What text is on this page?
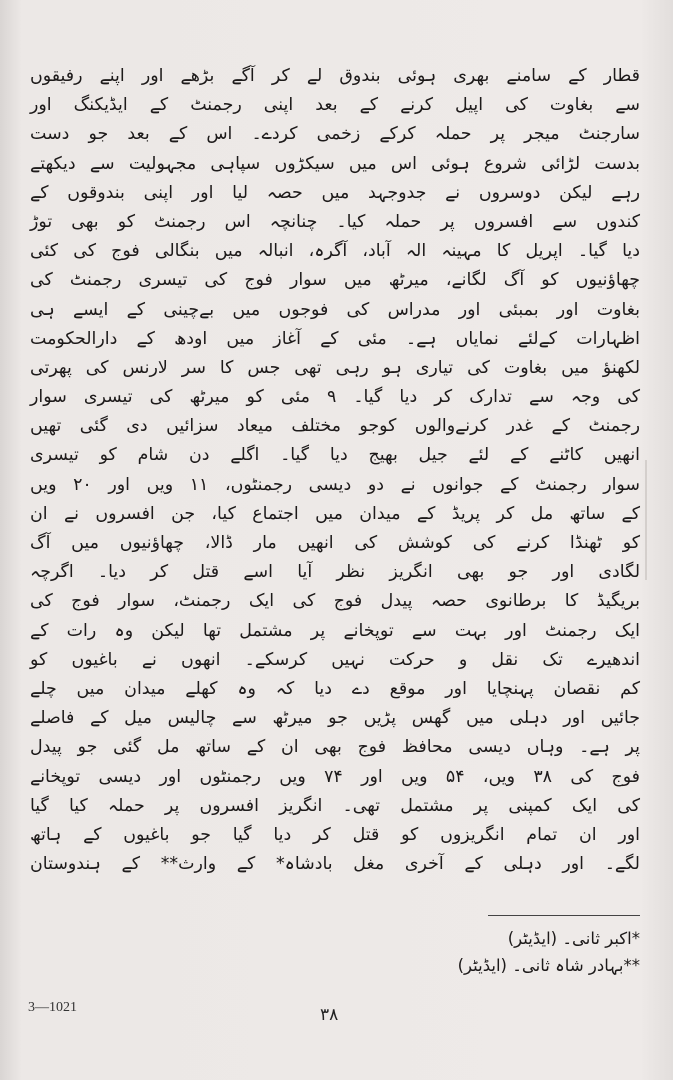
قطار کے سامنے بھری ہوئی بندوق لے کر آگے بڑھے اور اپنے رفیقوں
سے بغاوت کی اپیل کرنے کے بعد اپنی رجمنٹ کے ایڈیکنگ اور
سارجنٹ میجر پر حملہ کرکے زخمی کردے۔ اس کے بعد جو دست
بدست لڑائی شروع ہوئی اس میں سیکڑوں سپاہی مجہولیت سے دیکھتے
رہے لیکن دوسروں نے جدوجہد میں حصہ لیا اور اپنی بندوقوں کے
کندوں سے افسروں پر حملہ کیا۔ چنانچہ اس رجمنٹ کو بھی توڑ
دیا گیا۔ اپریل کا مہینہ الہ آباد، آگرہ، انبالہ میں بنگالی فوج کی کئی
چھاؤنیوں کو آگ لگانے، میرٹھ میں سوار فوج کی تیسری رجمنٹ کی
بغاوت اور بمبئی اور مدراس کی فوجوں میں بےچینی کے ایسے ہی
اظہارات کےلئے نمایاں ہے۔ مئی کے آغاز میں اودھ کے دارالحکومت
لکھنؤ میں بغاوت کی تیاری ہو رہی تھی جس کا سر لارنس کی پھرتی
کی وجہ سے تدارک کر دیا گیا۔ ۹ مئی کو میرٹھ کی تیسری سوار
رجمنٹ کے غدر کرنےوالوں کوجو مختلف میعاد سزائیں دی گئی تھیں
انھیں کاٹنے کے لئے جیل بھیج دیا گیا۔ اگلے دن شام کو تیسری
سوار رجمنٹ کے جوانوں نے دو دیسی رجمنٹوں، ۱۱ ویں اور ۲۰ ویں
کے ساتھ مل کر پریڈ کے میدان میں اجتماع کیا، جن افسروں نے ان
کو ٹھنڈا کرنے کی کوشش کی انھیں مار ڈالا، چھاؤنیوں میں آگ
لگادی اور جو بھی انگریز نظر آیا اسے قتل کر دیا۔ اگرچہ
بریگیڈ کا برطانوی حصہ پیدل فوج کی ایک رجمنٹ، سوار فوج کی
ایک رجمنٹ اور بہت سے توپخانے پر مشتمل تھا لیکن وہ رات کے
اندھیرے تک نقل و حرکت نہیں کرسکے۔ انھوں نے باغیوں کو
کم نقصان پہنچایا اور موقع دے دیا کہ وہ کھلے میدان میں چلے
جائیں اور دہلی میں گھس پڑیں جو میرٹھ سے چالیس میل کے فاصلے
پر ہے۔ وہاں دیسی محافظ فوج بھی ان کے ساتھ مل گئی جو پیدل
فوج کی ۳۸ ویں، ۵۴ ویں اور ۷۴ ویں رجمنٹوں اور دیسی توپخانے
کی ایک کمپنی پر مشتمل تھی۔ انگریز افسروں پر حملہ کیا گیا
اور ان تمام انگریزوں کو قتل کر دیا گیا جو باغیوں کے ہاتھ
لگے۔ اور دہلی کے آخری مغل بادشاہ* کے وارث** کے ہندوستان
*اکبر ثانی۔ (ایڈیٹر)
**بہادر شاہ ثانی۔ (ایڈیٹر)
3—1021	۳۸
